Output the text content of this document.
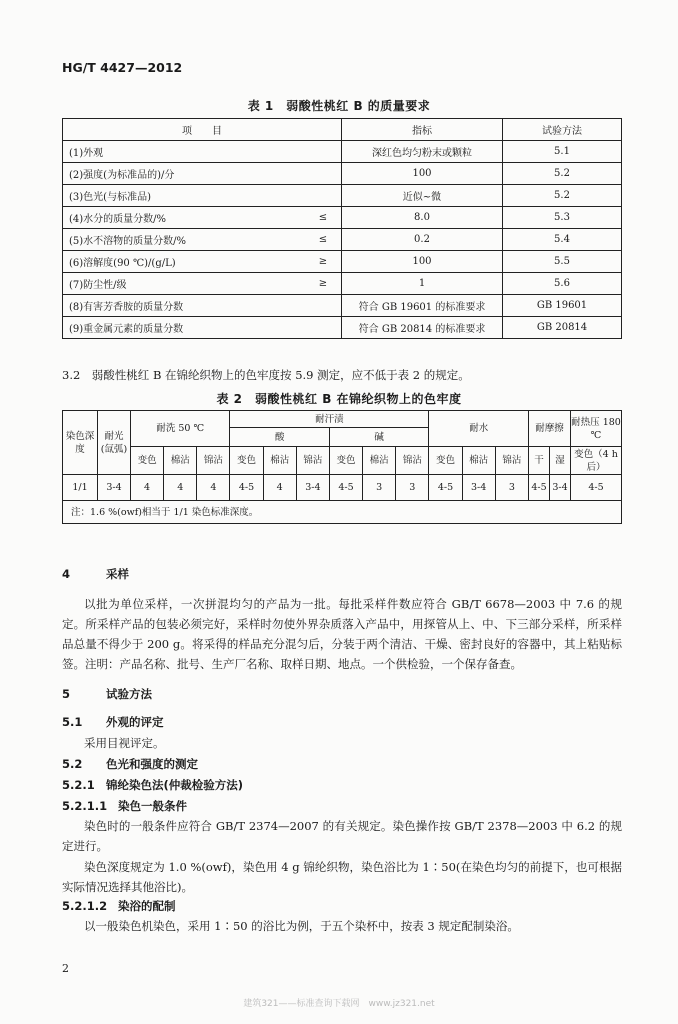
HG/T 4427—2012
表 1　弱酸性桃红 B 的质量要求
项　　目		指标	试验方法
(1)外观		深红色均匀粉末或颗粒	5.1
(2)强度(为标准品的)/分		100	5.2
(3)色光(与标准品)		近似~微	5.2
(4)水分的质量分数/%	≤	8.0	5.3
(5)水不溶物的质量分数/%	≤	0.2	5.4
(6)溶解度(90 ℃)/(g/L)	≥	100	5.5
(7)防尘性/级	≥	1	5.6
(8)有害芳香胺的质量分数		符合 GB 19601 的标准要求	GB 19601
(9)重金属元素的质量分数		符合 GB 20814 的标准要求	GB 20814
3.2　弱酸性桃红 B 在锦纶织物上的色牢度按 5.9 测定，应不低于表 2 的规定。
表 2　弱酸性桃红 B 在锦纶织物上的色牢度
染色深度	耐光(氙弧)	耐洗 50 ℃			耐汗渍						耐水			耐摩擦		耐热压 180 ℃
					酸			碱								
		变色	棉沾	锦沾	变色	棉沾	锦沾	变色	棉沾	锦沾	变色	棉沾	锦沾	干	湿	变色（4 h后）
1/1	3-4	4	4	4	4-5	4	3-4	4-5	3	3	4-5	3-4	3	4-5	3-4	4-5
注：1.6 %(owf)相当于 1/1 染色标准深度。																
4	采样
以批为单位采样，一次拼混均匀的产品为一批。每批采样件数应符合 GB/T 6678—2003 中 7.6 的规定。所采样产品的包装必须完好，采样时勿使外界杂质落入产品中，用探管从上、中、下三部分采样，所采样品总量不得少于 200 g。将采得的样品充分混匀后，分装于两个清洁、干燥、密封良好的容器中，其上粘贴标签。注明：产品名称、批号、生产厂名称、取样日期、地点。一个供检验，一个保存备查。
5	试验方法
5.1 外观的评定
采用目视评定。
5.2 色光和强度的测定
5.2.1 锦纶染色法(仲裁检验方法)
5.2.1.1 染色一般条件
染色时的一般条件应符合 GB/T 2374—2007 的有关规定。染色操作按 GB/T 2378—2003 中 6.2 的规定进行。
染色深度规定为 1.0 %(owf)，染色用 4 g 锦纶织物，染色浴比为 1∶50(在染色均匀的前提下，也可根据实际情况选择其他浴比)。
5.2.1.2 染浴的配制
以一般染色机染色，采用 1∶50 的浴比为例，于五个染杯中，按表 3 规定配制染浴。
2
建筑321——标准查询下载网　www.jz321.net
